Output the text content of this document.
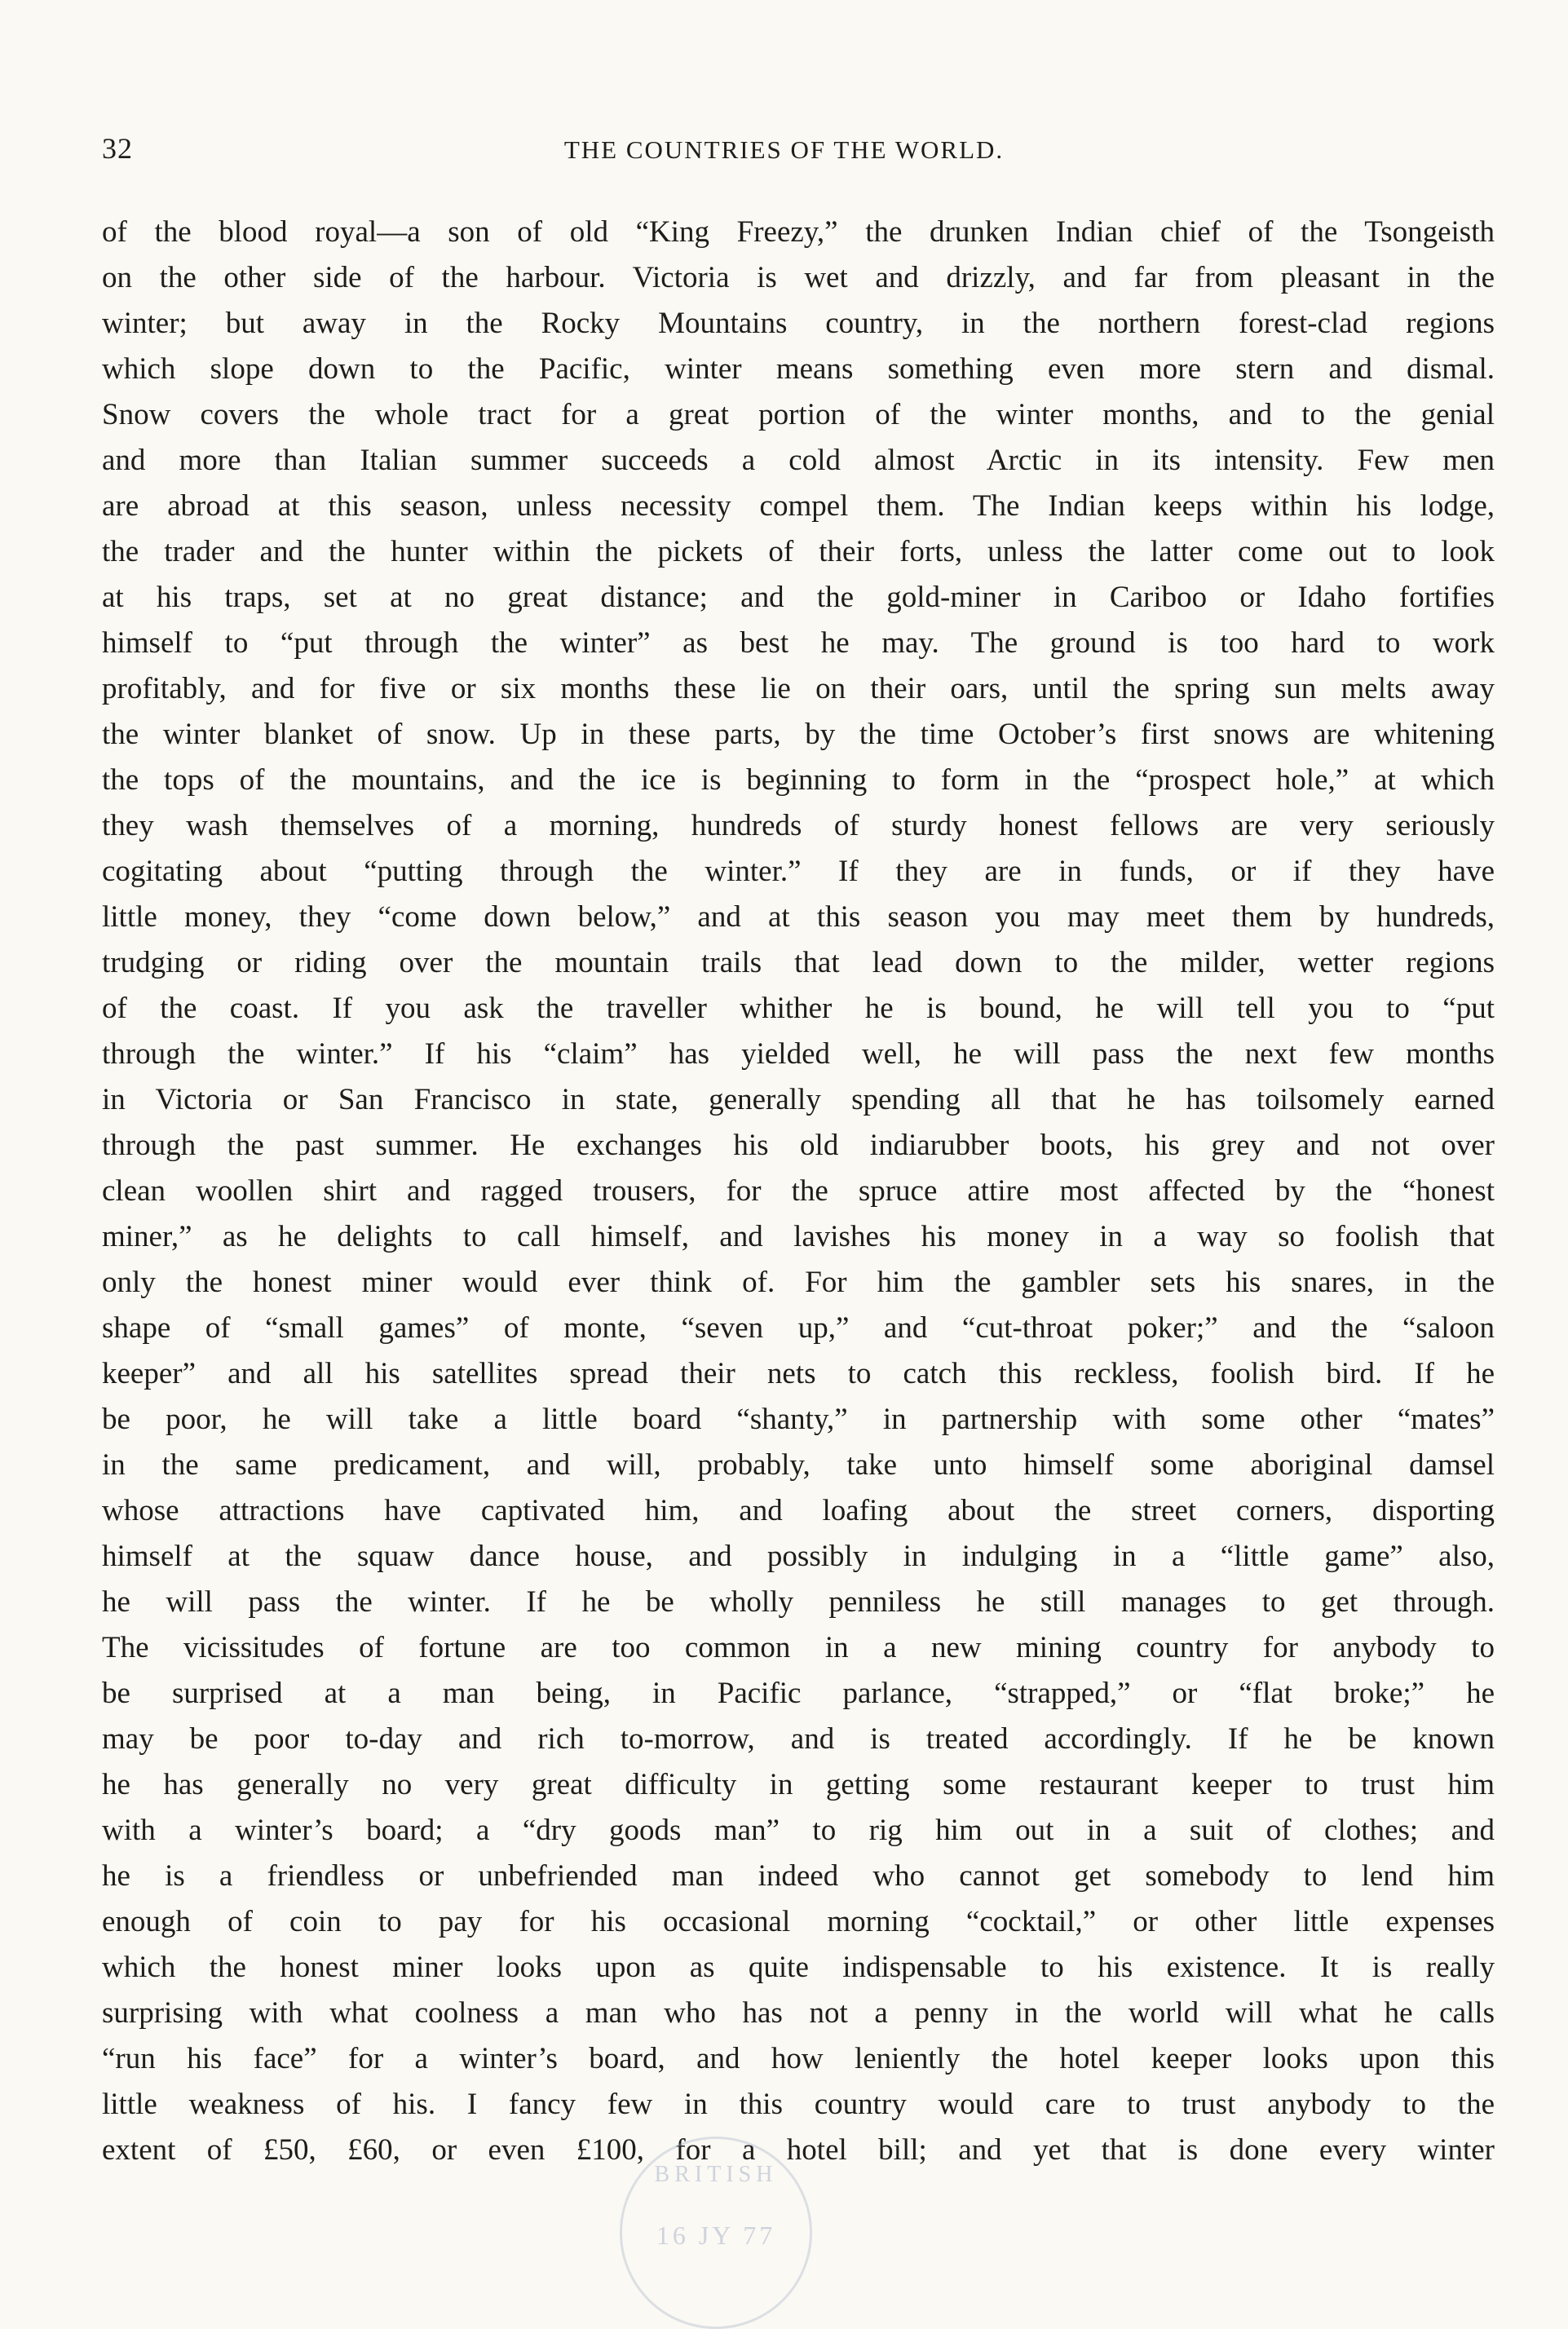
32	THE COUNTRIES OF THE WORLD.
of the blood royal—a son of old “King Freezy,” the drunken Indian chief of the Tsongeisth
on the other side of the harbour. Victoria is wet and drizzly, and far from pleasant in the
winter; but away in the Rocky Mountains country, in the northern forest-clad regions
which slope down to the Pacific, winter means something even more stern and dismal.
Snow covers the whole tract for a great portion of the winter months, and to the genial
and more than Italian summer succeeds a cold almost Arctic in its intensity. Few men
are abroad at this season, unless necessity compel them. The Indian keeps within his lodge,
the trader and the hunter within the pickets of their forts, unless the latter come out to look
at his traps, set at no great distance; and the gold-miner in Cariboo or Idaho fortifies
himself to “put through the winter” as best he may. The ground is too hard to work
profitably, and for five or six months these lie on their oars, until the spring sun melts away
the winter blanket of snow. Up in these parts, by the time October’s first snows are whitening
the tops of the mountains, and the ice is beginning to form in the “prospect hole,” at which
they wash themselves of a morning, hundreds of sturdy honest fellows are very seriously
cogitating about “putting through the winter.” If they are in funds, or if they have
little money, they “come down below,” and at this season you may meet them by hundreds,
trudging or riding over the mountain trails that lead down to the milder, wetter regions
of the coast. If you ask the traveller whither he is bound, he will tell you to “put
through the winter.” If his “claim” has yielded well, he will pass the next few months
in Victoria or San Francisco in state, generally spending all that he has toilsomely earned
through the past summer. He exchanges his old indiarubber boots, his grey and not over
clean woollen shirt and ragged trousers, for the spruce attire most affected by the “honest
miner,” as he delights to call himself, and lavishes his money in a way so foolish that
only the honest miner would ever think of. For him the gambler sets his snares, in the
shape of “small games” of monte, “seven up,” and “cut-throat poker;” and the “saloon
keeper” and all his satellites spread their nets to catch this reckless, foolish bird. If he
be poor, he will take a little board “shanty,” in partnership with some other “mates”
in the same predicament, and will, probably, take unto himself some aboriginal damsel
whose attractions have captivated him, and loafing about the street corners, disporting
himself at the squaw dance house, and possibly in indulging in a “little game” also,
he will pass the winter. If he be wholly penniless he still manages to get through.
The vicissitudes of fortune are too common in a new mining country for anybody to
be surprised at a man being, in Pacific parlance, “strapped,” or “flat broke;” he
may be poor to-day and rich to-morrow, and is treated accordingly. If he be known
he has generally no very great difficulty in getting some restaurant keeper to trust him
with a winter’s board; a “dry goods man” to rig him out in a suit of clothes; and
he is a friendless or unbefriended man indeed who cannot get somebody to lend him
enough of coin to pay for his occasional morning “cocktail,” or other little expenses
which the honest miner looks upon as quite indispensable to his existence. It is really
surprising with what coolness a man who has not a penny in the world will what he calls
“run his face” for a winter’s board, and how leniently the hotel keeper looks upon this
little weakness of his. I fancy few in this country would care to trust anybody to the
extent of £50, £60, or even £100, for a hotel bill; and yet that is done every winter
BRITISH
16 JY 77
